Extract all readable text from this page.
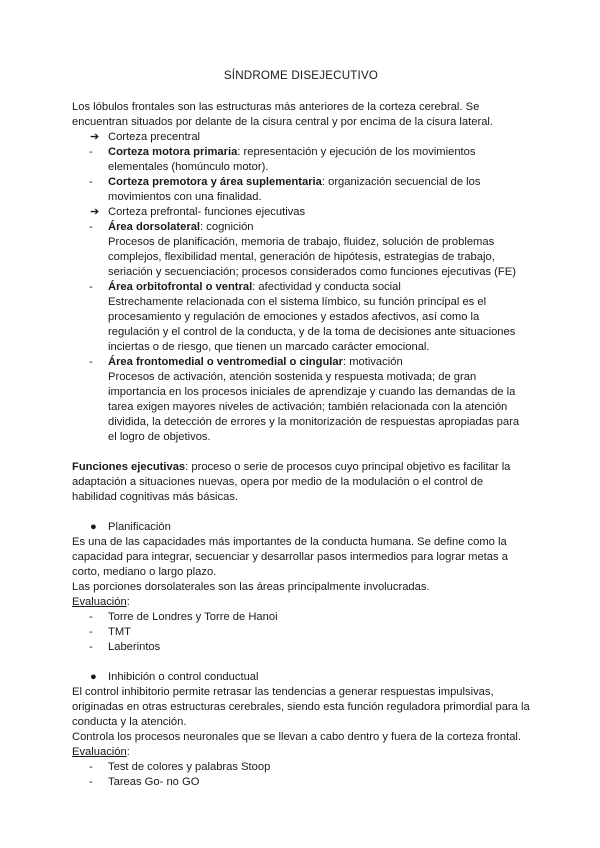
SÍNDROME DISEJECUTIVO

Los lóbulos frontales son las estructuras más anteriores de la corteza cerebral. Se encuentran situados por delante de la cisura central y por encima de la cisura lateral.

➔ Corteza precentral
-	Corteza motora primaria: representación y ejecución de los movimientos elementales (homúnculo motor).
-	Corteza premotora y área suplementaria: organización secuencial de los movimientos con una finalidad.
➔ Corteza prefrontal- funciones ejecutivas
-	Área dorsolateral: cognición
Procesos de planificación, memoria de trabajo, fluidez, solución de problemas complejos, flexibilidad mental, generación de hipótesis, estrategias de trabajo, seriación y secuenciación; procesos considerados como funciones ejecutivas (FE)
-	Área orbitofrontal o ventral: afectividad y conducta social
Estrechamente relacionada con el sistema límbico, su función principal es el procesamiento y regulación de emociones y estados afectivos, así como la regulación y el control de la conducta, y de la toma de decisiones ante situaciones inciertas o de riesgo, que tienen un marcado carácter emocional.
-	Área frontomedial o ventromedial o cingular: motivación
Procesos de activación, atención sostenida y respuesta motivada; de gran importancia en los procesos iniciales de aprendizaje y cuando las demandas de la tarea exigen mayores niveles de activación; también relacionada con la atención dividida, la detección de errores y la monitorización de respuestas apropiadas para el logro de objetivos.

Funciones ejecutivas: proceso o serie de procesos cuyo principal objetivo es facilitar la adaptación a situaciones nuevas, opera por medio de la modulación o el control de habilidad cognitivas más básicas.

● Planificación

Es una de las capacidades más importantes de la conducta humana. Se define como la capacidad para integrar, secuenciar y desarrollar pasos intermedios para lograr metas a corto, mediano o largo plazo.

Las porciones dorsolaterales son las áreas principalmente involucradas.

Evaluación:

-	Torre de Londres y Torre de Hanoi
-	TMT
-	Laberintos
● Inhibición o control conductual

El control inhibitorio permite retrasar las tendencias a generar respuestas impulsivas, originadas en otras estructuras cerebrales, siendo esta función reguladora primordial para la conducta y la atención.

Controla los procesos neuronales que se llevan a cabo dentro y fuera de la corteza frontal.

Evaluación:

-	Test de colores y palabras Stoop
-	Tareas Go- no GO
